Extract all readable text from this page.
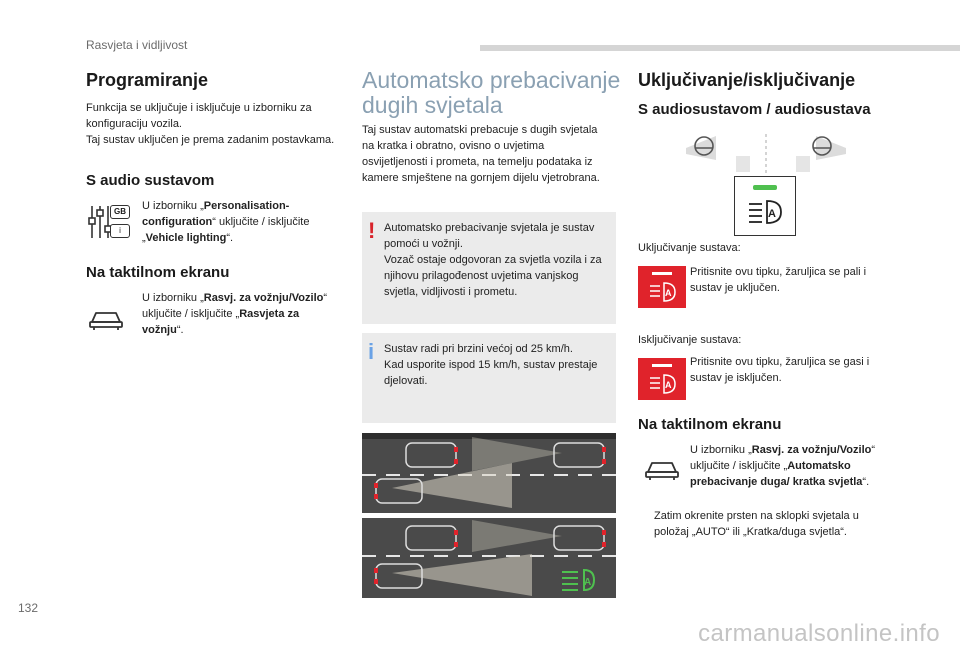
Rasvjeta i vidljivost
Programiranje

Funkcija se uključuje i isključuje u izborniku za konfiguraciju vozila.

Taj sustav uključen je prema zadanim postavkama.

S audio sustavom
GB
i

U izborniku „Personalisation-configuration“ uključite / isključite „Vehicle lighting“.

Na taktilnom ekranu

U izborniku „Rasvj. za vožnju/Vozilo“ uključite / isključite „Rasvjeta za vožnju“.

Automatsko prebacivanje dugih svjetala

Taj sustav automatski prebacuje s dugih svjetala na kratka i obratno, ovisno o uvjetima osvijetljenosti i prometa, na temelju podataka iz kamere smještene na gornjem dijelu vjetrobrana.

! Automatsko prebacivanje svjetala je sustav pomoći u vožnji.

Vozač ostaje odgovoran za svjetla vozila i za njihovu prilagođenost uvjetima vanjskog svjetla, vidljivosti i prometu.

i Sustav radi pri brzini većoj od 25 km/h.

Kad usporite ispod 15 km/h, sustav prestaje djelovati.

A
Uključivanje/isključivanje
S audiosustavom / audiosustava
A

Uključivanje sustava:

A

Pritisnite ovu tipku, žaruljica se pali i sustav je uključen.

Isključivanje sustava:

A

Pritisnite ovu tipku, žaruljica se gasi i sustav je isključen.

Na taktilnom ekranu

U izborniku „Rasvj. za vožnju/Vozilo“ uključite / isključite „Automatsko prebacivanje duga/ kratka svjetla“.

Zatim okrenite prsten na sklopki svjetala u položaj „AUTO“ ili „Kratka/duga svjetla“.

132
carmanualsonline.info
